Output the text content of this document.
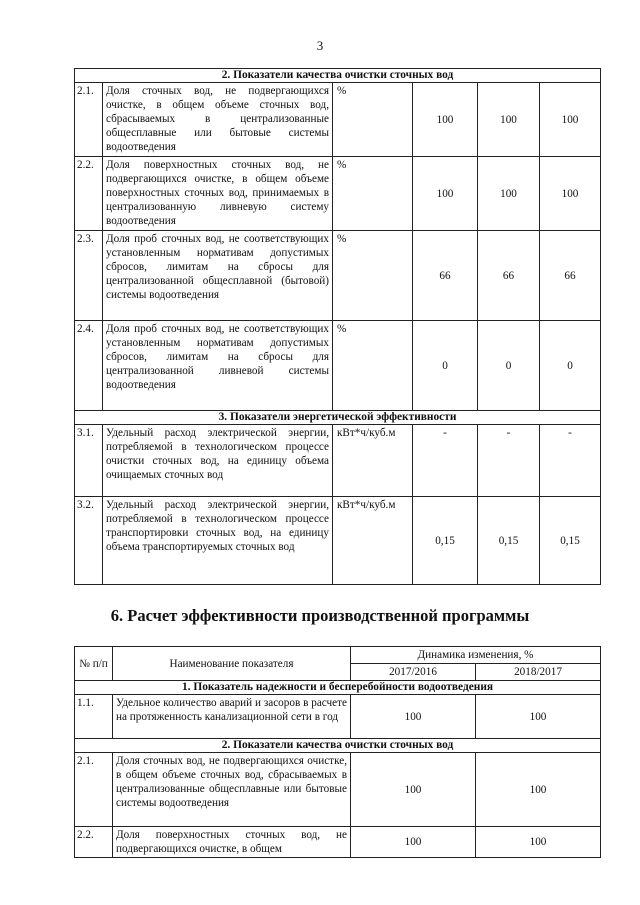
3
2. Показатели качества очистки сточных вод					
2.1.	Доля сточных вод, не подвергающихся очистке, в общем объеме сточных вод, сбрасываемых в централизованные общесплавные или бытовые системы водоотведения	%	100	100	100
2.2.	Доля поверхностных сточных вод, не подвергающихся очистке, в общем объеме поверхностных сточных вод, принимаемых в централизованную ливневую систему водоотведения	%	100	100	100
2.3.	Доля проб сточных вод, не соответствующих установленным нормативам допустимых сбросов, лимитам на сбросы для централизованной общесплавной (бытовой) системы водоотведения	%	66	66	66
2.4.	Доля проб сточных вод, не соответствующих установленным нормативам допустимых сбросов, лимитам на сбросы для централизованной ливневой системы водоотведения	%	0	0	0
3. Показатели энергетической эффективности					
3.1.	Удельный расход электрической энергии, потребляемой в технологическом процессе очистки сточных вод, на единицу объема очищаемых сточных вод	кВт*ч/куб.м	-	-	-
3.2.	Удельный расход электрической энергии, потребляемой в технологическом процессе транспортировки сточных вод, на единицу объема транспортируемых сточных вод	кВт*ч/куб.м	0,15	0,15	0,15
6. Расчет эффективности производственной программы
№ п/п	Наименование показателя	Динамика изменения, %	
		2017/2016	2018/2017
1. Показатель надежности и бесперебойности водоотведения			
1.1.	Удельное количество аварий и засоров в расчете на протяженность канализационной сети в год	100	100
2. Показатели качества очистки сточных вод			
2.1.	Доля сточных вод, не подвергающихся очистке, в общем объеме сточных вод, сбрасываемых в централизованные общесплавные или бытовые системы водоотведения	100	100
2.2.	Доля поверхностных сточных вод, не подвергающихся очистке, в общем	100	100
